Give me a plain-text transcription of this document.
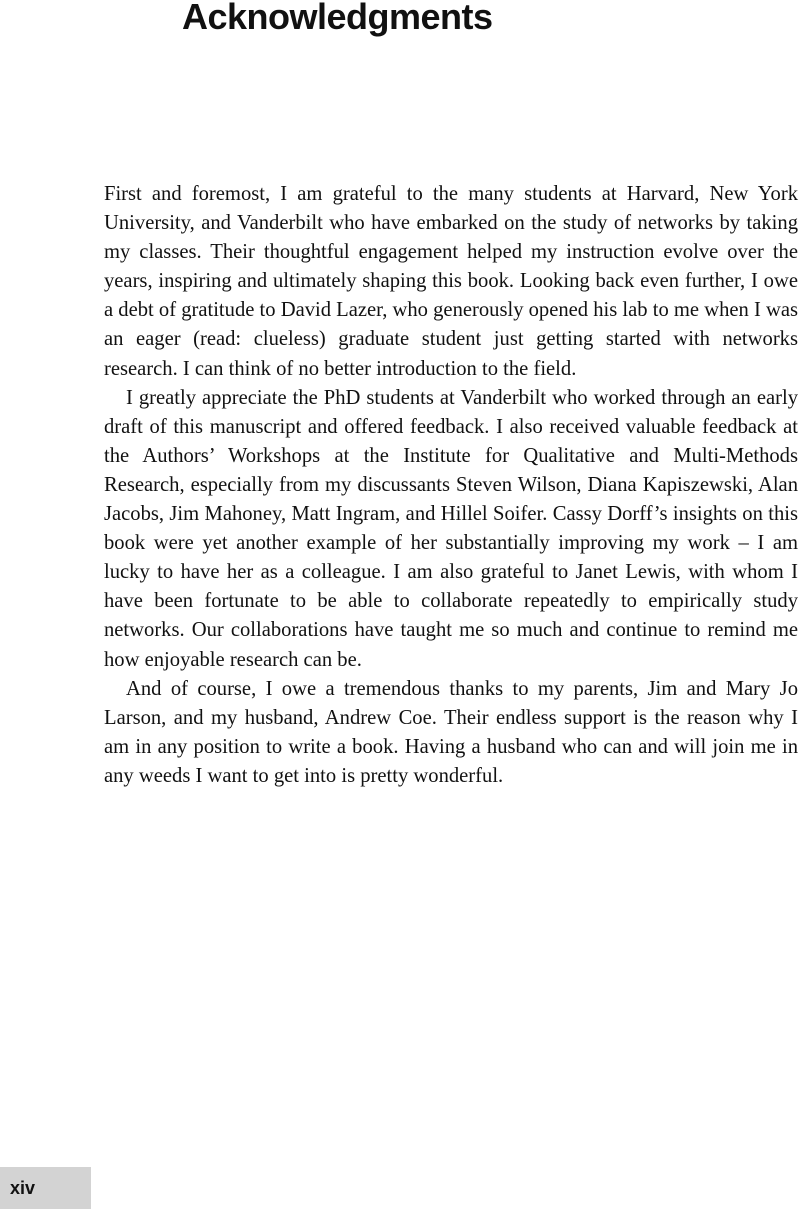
Acknowledgments

First and foremost, I am grateful to the many students at Harvard, New York University, and Vanderbilt who have embarked on the study of networks by taking my classes. Their thoughtful engagement helped my instruction evolve over the years, inspiring and ultimately shaping this book. Looking back even further, I owe a debt of gratitude to David Lazer, who generously opened his lab to me when I was an eager (read: clueless) graduate student just getting started with networks research. I can think of no better introduction to the field.

I greatly appreciate the PhD students at Vanderbilt who worked through an early draft of this manuscript and offered feedback. I also received valuable feedback at the Authors’ Workshops at the Institute for Qualitative and Multi-Methods Research, especially from my discussants Steven Wilson, Diana Kapiszewski, Alan Jacobs, Jim Mahoney, Matt Ingram, and Hillel Soifer. Cassy Dorff’s insights on this book were yet another example of her substantially improving my work – I am lucky to have her as a colleague. I am also grateful to Janet Lewis, with whom I have been fortunate to be able to collaborate repeatedly to empirically study networks. Our collaborations have taught me so much and continue to remind me how enjoyable research can be.

And of course, I owe a tremendous thanks to my parents, Jim and Mary Jo Larson, and my husband, Andrew Coe. Their endless support is the reason why I am in any position to write a book. Having a husband who can and will join me in any weeds I want to get into is pretty wonderful.

xiv
